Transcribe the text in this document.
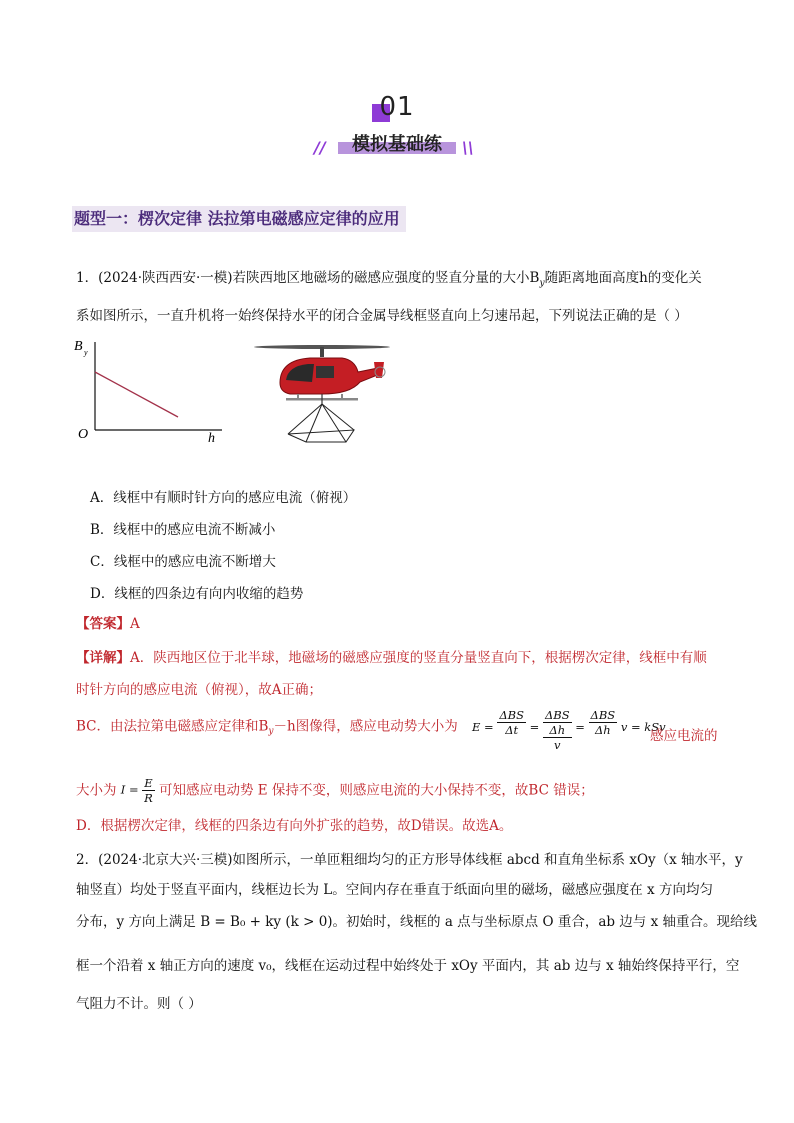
01
//	模拟基础练	\\
题型一：楞次定律 法拉第电磁感应定律的应用
1．(2024·陕西西安·一模)若陕西地区地磁场的磁感应强度的竖直分量的大小$B_y$随距离地面高度h的变化关
系如图所示，一直升机将一始终保持水平的闭合金属导线框竖直向上匀速吊起，下列说法正确的是（ ）
B y
O	h
A．线框中有顺时针方向的感应电流（俯视）
B．线框中的感应电流不断减小
C．线框中的感应电流不断增大
D．线框的四条边有向内收缩的趋势
【答案】A
【详解】A．陕西地区位于北半球，地磁场的磁感应强度的竖直分量竖直向下，根据楞次定律，线框中有顺
时针方向的感应电流（俯视），故A正确；
BC．由法拉第电磁感应定律和$B_y-h$图像得，感应电动势大小为	$E = \frac{\text{ΔBS}}{\Delta t}$ =
ΔBS
Δh
v
= $\frac{\text{ΔBS}}{\Delta h}$ v = kSv
感应电流的
大小为 $I = \frac{E}{R}$ 可知感应电动势 E 保持不变，则感应电流的大小保持不变，故BC 错误；
D．根据楞次定律，线框的四条边有向外扩张的趋势，故D错误。故选A。
2．(2024·北京大兴·三模)如图所示，一单匝粗细均匀的正方形导体线框 abcd 和直角坐标系 xOy（x 轴水平，y
轴竖直）均处于竖直平面内，线框边长为 L。空间内存在垂直于纸面向里的磁场，磁感应强度在 x 方向均匀
分布，y 方向上满足 B = B₀ + ky (k > 0)。初始时，线框的 a 点与坐标原点 O 重合，ab 边与 x 轴重合。现给线
框一个沿着 x 轴正方向的速度 v₀，线框在运动过程中始终处于 xOy 平面内，其 ab 边与 x 轴始终保持平行，空
气阻力不计。则（ ）
